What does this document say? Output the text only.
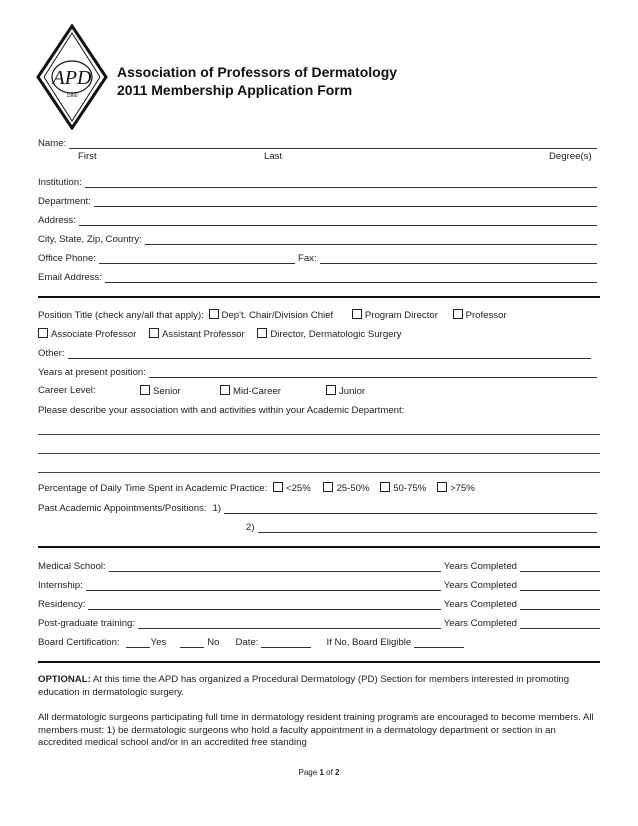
APD
1960
Association of Professors of Dermatology
2011 Membership Application Form
Name:
First	Last	Degree(s)
Institution:
Department:
Address:
City, State, Zip, Country:
Office Phone:	Fax:
Email Address:
Position Title (check any/all that apply): Dep't. Chair/Division Chief	Program Director	Professor
Associate Professor	Assistant Professor	Director, Dermatologic Surgery
Other:
Years at present position:
Career Level:	Senior	Mid-Career	Junior
Please describe your association with and activities within your Academic Department:
Percentage of Daily Time Spent in Academic Practice: <25%	25-50% 50-75% >75%
Past Academic Appointments/Positions: 1)
2)
Medical School:	Years Completed
Internship:	Years Completed
Residency:	Years Completed
Post-graduate training:	Years Completed
Board Certification:	Yes	No Date:	If No, Board Eligible
OPTIONAL: At this time the APD has organized a Procedural Dermatology (PD) Section for members interested in promoting education in dermatologic surgery.
All dermatologic surgeons participating full time in dermatology resident training programs are encouraged to become members. All members must: 1) be dermatologic surgeons who hold a faculty appointment in a dermatology department or section in an accredited medical school and/or in an accredited free standing
Page 1 of 2
